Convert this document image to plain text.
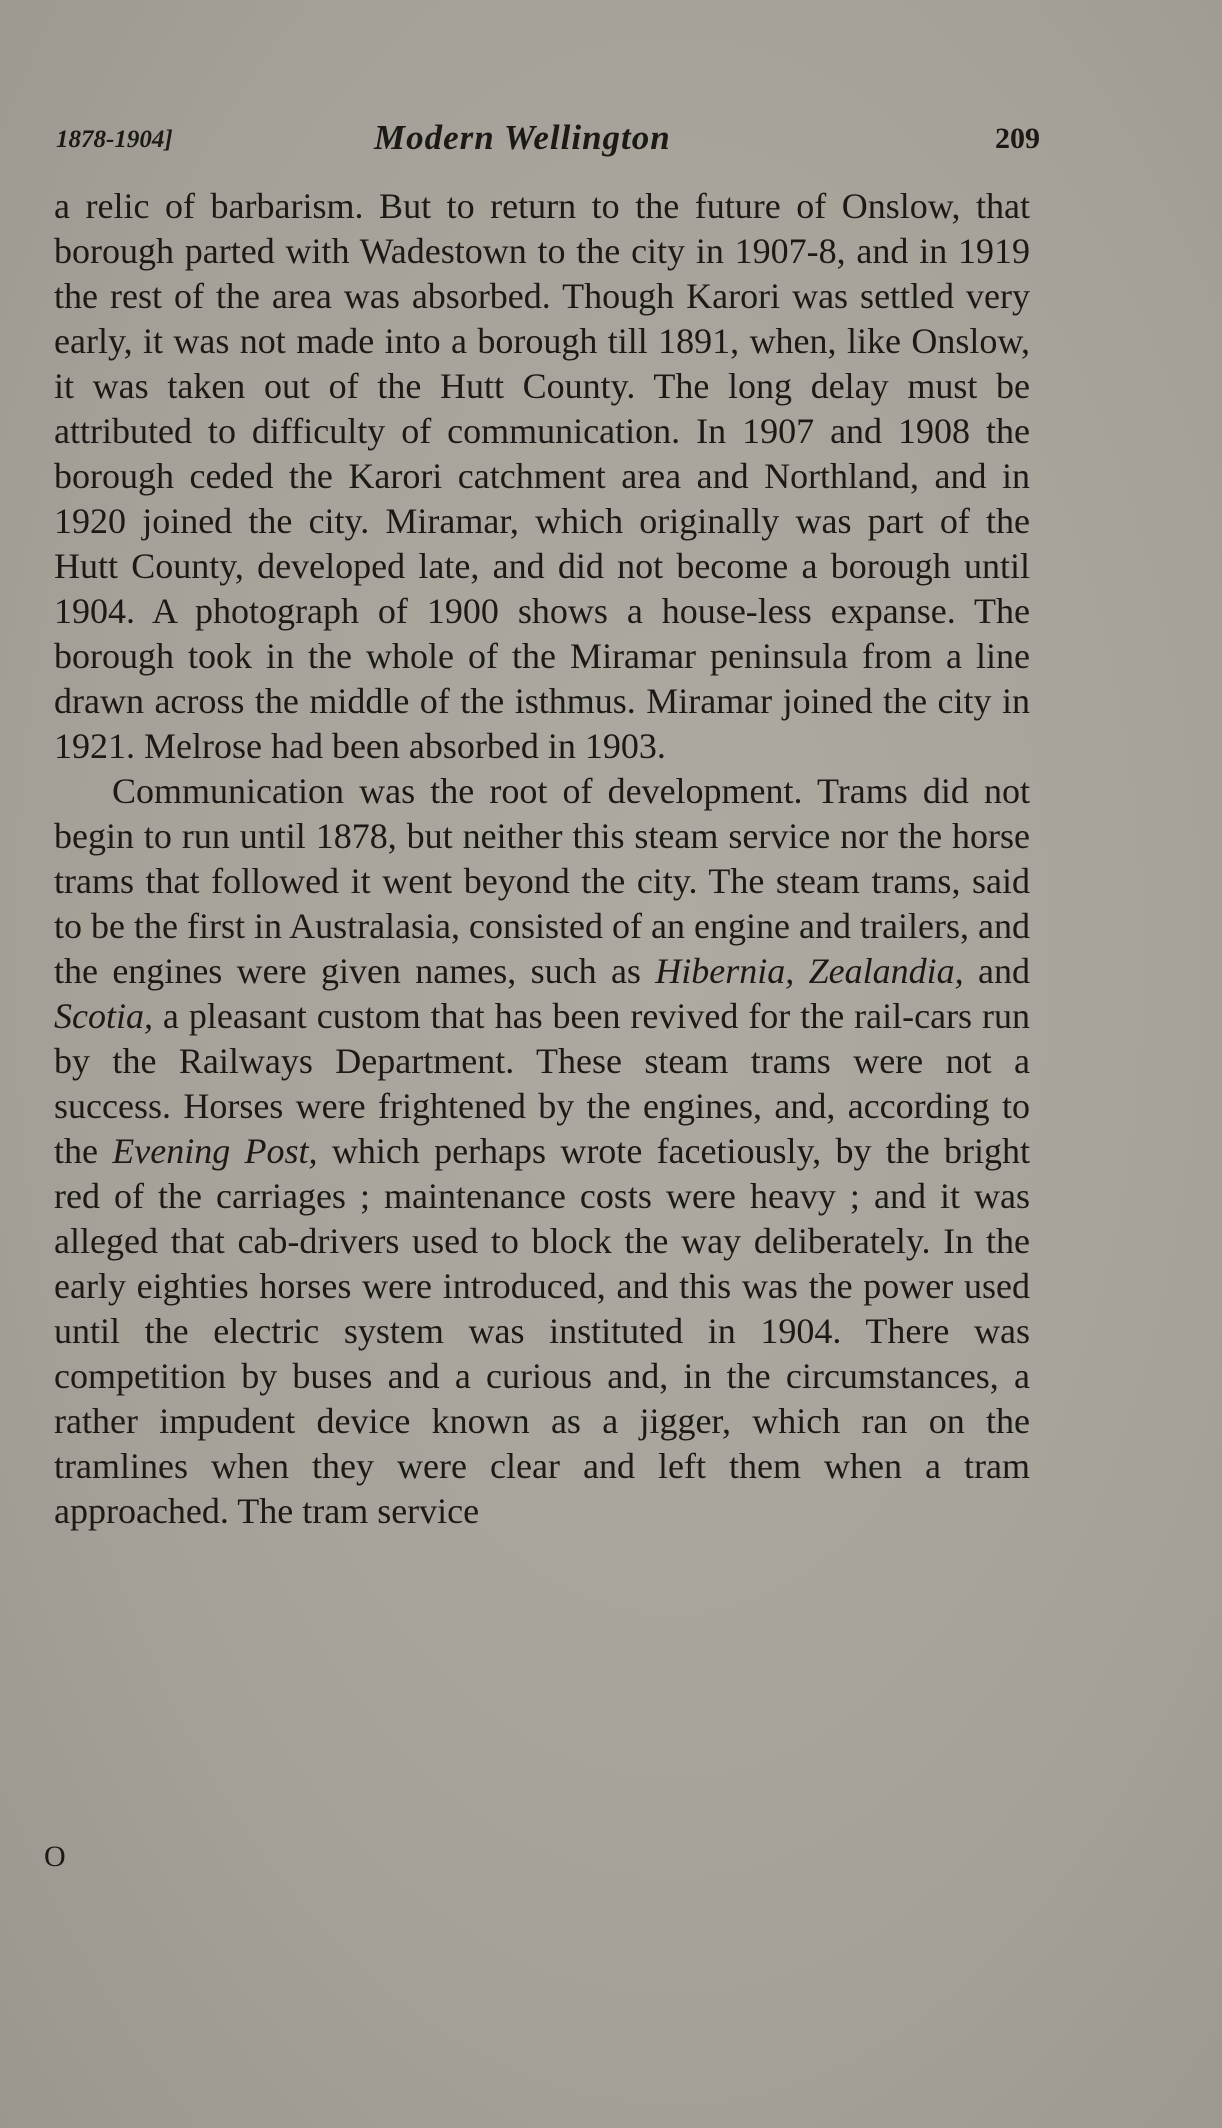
1878-1904]	Modern Wellington	209

a relic of barbarism. But to return to the future of Onslow, that borough parted with Wadestown to the city in 1907-8, and in 1919 the rest of the area was absorbed. Though Karori was settled very early, it was not made into a borough till 1891, when, like Onslow, it was taken out of the Hutt County. The long delay must be attributed to difficulty of communication. In 1907 and 1908 the borough ceded the Karori catchment area and Northland, and in 1920 joined the city. Miramar, which originally was part of the Hutt County, developed late, and did not become a borough until 1904. A photograph of 1900 shows a house-less expanse. The borough took in the whole of the Miramar peninsula from a line drawn across the middle of the isthmus. Miramar joined the city in 1921. Melrose had been absorbed in 1903.

Communication was the root of development. Trams did not begin to run until 1878, but neither this steam service nor the horse trams that followed it went beyond the city. The steam trams, said to be the first in Australasia, consisted of an engine and trailers, and the engines were given names, such as Hibernia, Zealandia, and Scotia, a pleasant custom that has been revived for the rail-cars run by the Railways Department. These steam trams were not a success. Horses were frightened by the engines, and, according to the Evening Post, which perhaps wrote facetiously, by the bright red of the carriages ; maintenance costs were heavy ; and it was alleged that cab-drivers used to block the way deliberately. In the early eighties horses were introduced, and this was the power used until the electric system was instituted in 1904. There was competition by buses and a curious and, in the circumstances, a rather impudent device known as a jigger, which ran on the tramlines when they were clear and left them when a tram approached. The tram service

O
